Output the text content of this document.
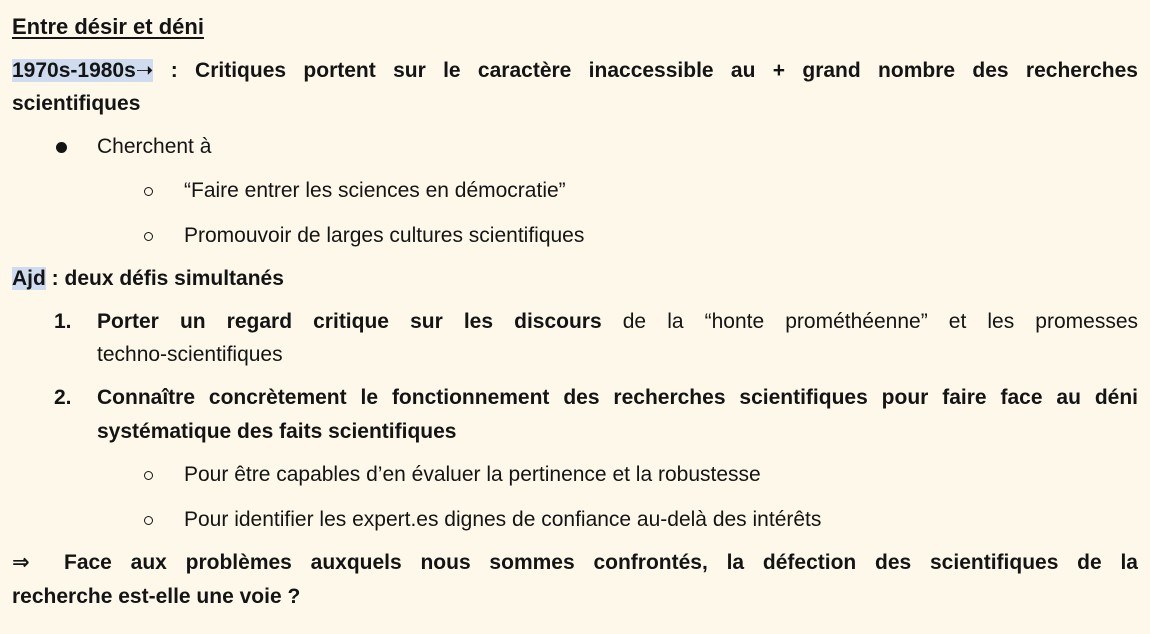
Entre désir et déni
1970s-1980s➝ : Critiques portent sur le caractère inaccessible au + grand nombre des recherches
scientifiques
Cherchent à
“Faire entrer les sciences en démocratie”
Promouvoir de larges cultures scientifiques
Ajd : deux défis simultanés
1. Porter un regard critique sur les discours de la “honte prométhéenne” et les promesses
techno-scientifiques
2. Connaître concrètement le fonctionnement des recherches scientifiques pour faire face au déni
systématique des faits scientifiques
Pour être capables d’en évaluer la pertinence et la robustesse
Pour identifier les expert.es dignes de confiance au-delà des intérêts
⇒ Face aux problèmes auxquels nous sommes confrontés, la défection des scientifiques de la
recherche est-elle une voie ?
